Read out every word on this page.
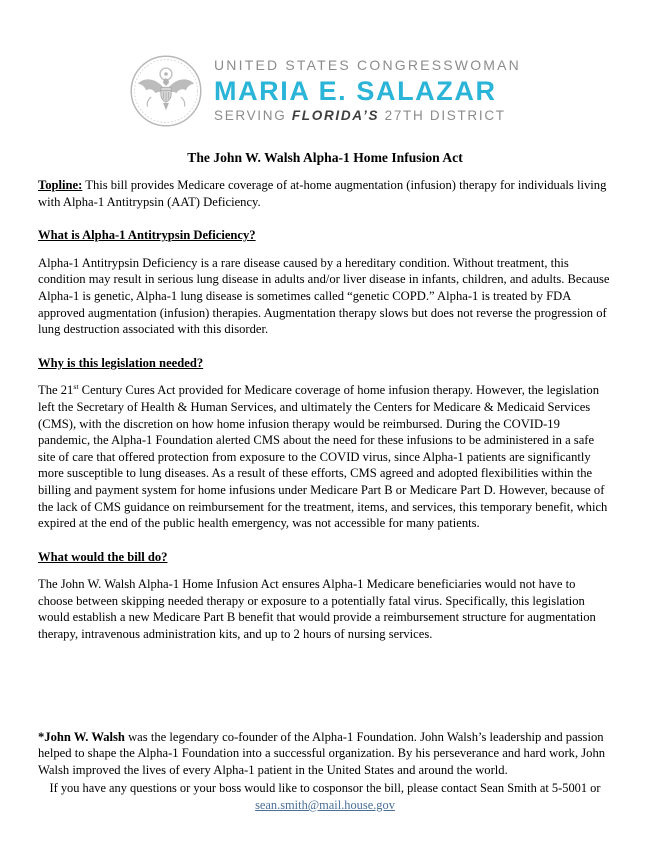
UNITED STATES CONGRESSWOMAN
MARIA E. SALAZAR
SERVING FLORIDA’S 27TH DISTRICT
The John W. Walsh Alpha-1 Home Infusion Act

Topline: This bill provides Medicare coverage of at-home augmentation (infusion) therapy for individuals living with Alpha-1 Antitrypsin (AAT) Deficiency.

What is Alpha-1 Antitrypsin Deficiency?

Alpha-1 Antitrypsin Deficiency is a rare disease caused by a hereditary condition. Without treatment, this condition may result in serious lung disease in adults and/or liver disease in infants, children, and adults. Because Alpha-1 is genetic, Alpha-1 lung disease is sometimes called “genetic COPD.” Alpha-1 is treated by FDA approved augmentation (infusion) therapies. Augmentation therapy slows but does not reverse the progression of lung destruction associated with this disorder.

Why is this legislation needed?

The 21st Century Cures Act provided for Medicare coverage of home infusion therapy. However, the legislation left the Secretary of Health & Human Services, and ultimately the Centers for Medicare & Medicaid Services (CMS), with the discretion on how home infusion therapy would be reimbursed. During the COVID-19 pandemic, the Alpha-1 Foundation alerted CMS about the need for these infusions to be administered in a safe site of care that offered protection from exposure to the COVID virus, since Alpha-1 patients are significantly more susceptible to lung diseases. As a result of these efforts, CMS agreed and adopted flexibilities within the billing and payment system for home infusions under Medicare Part B or Medicare Part D. However, because of the lack of CMS guidance on reimbursement for the treatment, items, and services, this temporary benefit, which expired at the end of the public health emergency, was not accessible for many patients.

What would the bill do?

The John W. Walsh Alpha-1 Home Infusion Act ensures Alpha-1 Medicare beneficiaries would not have to choose between skipping needed therapy or exposure to a potentially fatal virus. Specifically, this legislation would establish a new Medicare Part B benefit that would provide a reimbursement structure for augmentation therapy, intravenous administration kits, and up to 2 hours of nursing services.

*John W. Walsh was the legendary co-founder of the Alpha-1 Foundation. John Walsh’s leadership and passion helped to shape the Alpha-1 Foundation into a successful organization. By his perseverance and hard work, John Walsh improved the lives of every Alpha-1 patient in the United States and around the world.

If you have any questions or your boss would like to cosponsor the bill, please contact Sean Smith at 5-5001 or
sean.smith@mail.house.gov
